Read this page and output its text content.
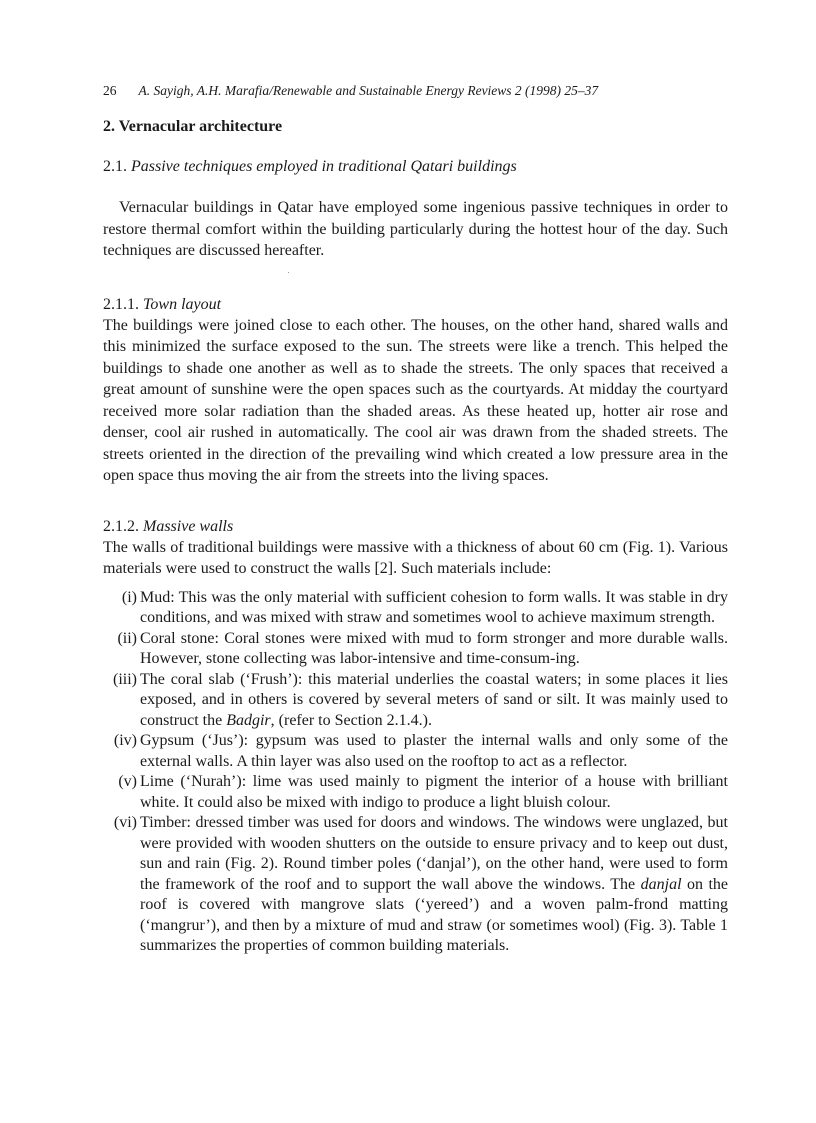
26 A. Sayigh, A.H. Marafia/Renewable and Sustainable Energy Reviews 2 (1998) 25–37
2. Vernacular architecture
2.1. Passive techniques employed in traditional Qatari buildings

Vernacular buildings in Qatar have employed some ingenious passive techniques in order to restore thermal comfort within the building particularly during the hottest hour of the day. Such techniques are discussed hereafter.

2.1.1. Town layout

The buildings were joined close to each other. The houses, on the other hand, shared walls and this minimized the surface exposed to the sun. The streets were like a trench. This helped the buildings to shade one another as well as to shade the streets. The only spaces that received a great amount of sunshine were the open spaces such as the courtyards. At midday the courtyard received more solar radiation than the shaded areas. As these heated up, hotter air rose and denser, cool air rushed in automatically. The cool air was drawn from the shaded streets. The streets oriented in the direction of the prevailing wind which created a low pressure area in the open space thus moving the air from the streets into the living spaces.

2.1.2. Massive walls

The walls of traditional buildings were massive with a thickness of about 60 cm (Fig. 1). Various materials were used to construct the walls [2]. Such materials include:

(i) Mud: This was the only material with sufficient cohesion to form walls. It was stable in dry conditions, and was mixed with straw and sometimes wool to achieve maximum strength.
(ii) Coral stone: Coral stones were mixed with mud to form stronger and more durable walls. However, stone collecting was labor-intensive and time-consum-ing.
(iii) The coral slab (‘Frush’): this material underlies the coastal waters; in some places it lies exposed, and in others is covered by several meters of sand or silt. It was mainly used to construct the Badgir, (refer to Section 2.1.4.).
(iv) Gypsum (‘Jus’): gypsum was used to plaster the internal walls and only some of the external walls. A thin layer was also used on the rooftop to act as a reflector.
(v) Lime (‘Nurah’): lime was used mainly to pigment the interior of a house with brilliant white. It could also be mixed with indigo to produce a light bluish colour.
(vi) Timber: dressed timber was used for doors and windows. The windows were unglazed, but were provided with wooden shutters on the outside to ensure privacy and to keep out dust, sun and rain (Fig. 2). Round timber poles (‘danjal’), on the other hand, were used to form the framework of the roof and to support the wall above the windows. The danjal on the roof is covered with mangrove slats (‘yereed’) and a woven palm-frond matting (‘mangrur’), and then by a mixture of mud and straw (or sometimes wool) (Fig. 3). Table 1 summarizes the properties of common building materials.
